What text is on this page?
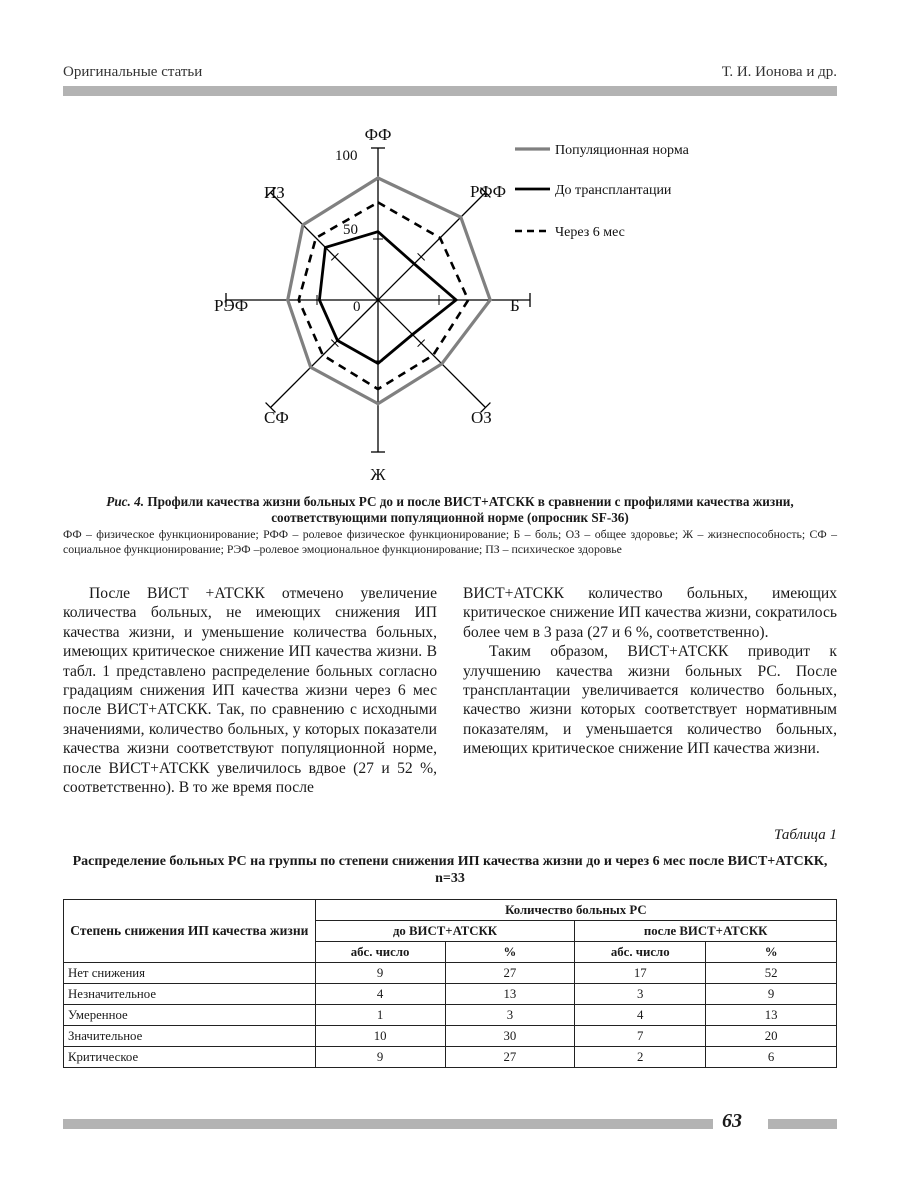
Оригинальные статьи	Т. И. Ионова и др.
ФФ
РФФ
Б
ОЗ
Ж
СФ
РЭФ
ПЗ
0
50
100	Популяционная норма
До трансплантации
Через 6 мес
Рис. 4. Профили качества жизни больных РС до и после ВИСТ+АТСКК в сравнении с профилями качества жизни, соответствующими популяционной норме (опросник SF-36)
ФФ – физическое функционирование; РФФ – ролевое физическое функционирование; Б – боль; ОЗ – общее здоровье; Ж – жизнеспособность; СФ – социальное функционирование; РЭФ –ролевое эмоциональное функционирование; ПЗ – психическое здоровье

После ВИСТ +АТСКК отмечено увеличение количества больных, не имеющих снижения ИП качества жизни, и уменьшение количества больных, имеющих критическое снижение ИП качества жизни. В табл. 1 представлено распределение больных согласно градациям снижения ИП качества жизни через 6 мес после ВИСТ+АТСКК. Так, по сравнению с исходными значениями, количество больных, у которых показатели качества жизни соответствуют популяционной норме, после ВИСТ+АТСКК увеличилось вдвое (27 и 52 %, соответственно). В то же время после

ВИСТ+АТСКК количество больных, имеющих критическое снижение ИП качества жизни, сократилось более чем в 3 раза (27 и 6 %, соответственно).

Таким образом, ВИСТ+АТСКК приводит к улучшению качества жизни больных РС. После трансплантации увеличивается количество больных, качество жизни которых соответствует нормативным показателям, и уменьшается количество больных, имеющих критическое снижение ИП качества жизни.

Таблица 1
Распределение больных РС на группы по степени снижения ИП качества жизни до и через 6 мес после ВИСТ+АТСКК, n=33
Степень снижения ИП качества жизни	Количество больных РС			
	до ВИСТ+АТСКК		после ВИСТ+АТСКК	
	абс. число	%	абс. число	%
Нет снижения	9	27	17	52
Незначительное	4	13	3	9
Умеренное	1	3	4	13
Значительное	10	30	7	20
Критическое	9	27	2	6
63
